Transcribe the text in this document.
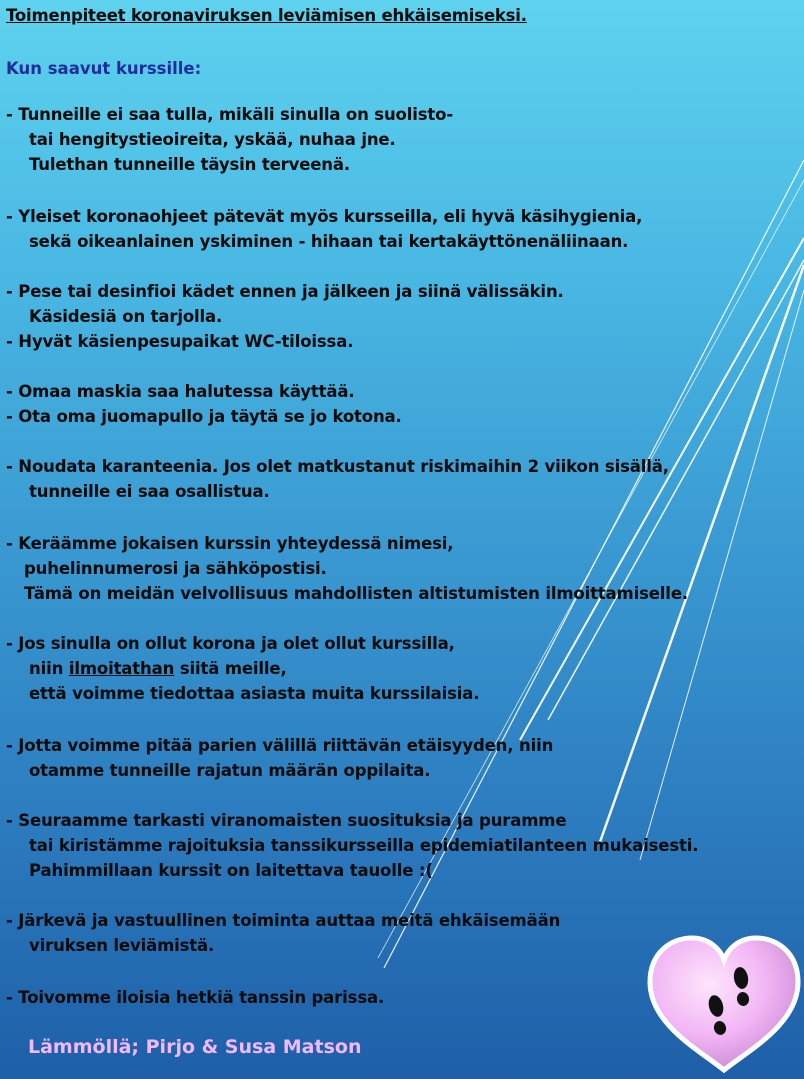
Toimenpiteet koronaviruksen leviämisen ehkäisemiseksi.
Kun saavut kurssille:
- Tunneille ei saa tulla, mikäli sinulla on suolisto-
tai hengitystieoireita, yskää, nuhaa jne.
Tulethan tunneille täysin terveenä.
- Yleiset koronaohjeet pätevät myös kursseilla, eli hyvä käsihygienia,
sekä oikeanlainen yskiminen - hihaan tai kertakäyttönenäliinaan.
- Pese tai desinfioi kädet ennen ja jälkeen ja siinä välissäkin.
Käsidesiä on tarjolla.
- Hyvät käsienpesupaikat WC-tiloissa.
- Omaa maskia saa halutessa käyttää.
- Ota oma juomapullo ja täytä se jo kotona.
- Noudata karanteenia. Jos olet matkustanut riskimaihin 2 viikon sisällä,
tunneille ei saa osallistua.
- Keräämme jokaisen kurssin yhteydessä nimesi,
puhelinnumerosi ja sähköpostisi.
Tämä on meidän velvollisuus mahdollisten altistumisten ilmoittamiselle.
- Jos sinulla on ollut korona ja olet ollut kurssilla,
niin ilmoitathan siitä meille,
että voimme tiedottaa asiasta muita kurssilaisia.
- Jotta voimme pitää parien välillä riittävän etäisyyden, niin
otamme tunneille rajatun määrän oppilaita.
- Seuraamme tarkasti viranomaisten suosituksia ja puramme
tai kiristämme rajoituksia tanssikursseilla epidemiatilanteen mukaisesti.
Pahimmillaan kurssit on laitettava tauolle :(
- Järkevä ja vastuullinen toiminta auttaa meitä ehkäisemään
viruksen leviämistä.
- Toivomme iloisia hetkiä tanssin parissa.
Lämmöllä; Pirjo & Susa Matson
